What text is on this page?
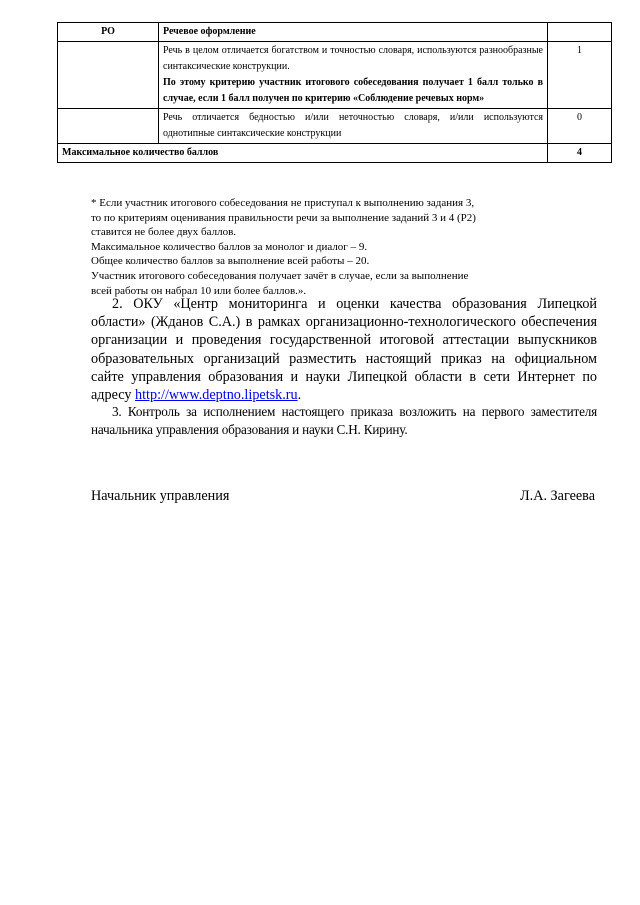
РО	Речевое оформление	

	Речь в целом отличается богатством и точностью словаря, используются разнообразные синтаксические конструкции.

По этому критерию участник итогового собеседования получает 1 балл только в случае, если 1 балл получен по критерию «Соблюдение речевых норм»	1

	Речь отличается бедностью и/или неточностью словаря, и/или используются однотипные синтаксические конструкции	0
Максимальное количество баллов		4
* Если участник итогового собеседования не приступал к выполнению задания 3,
то по критериям оценивания правильности речи за выполнение заданий 3 и 4 (Р2)
ставится не более двух баллов.
Максимальное количество баллов за монолог и диалог – 9.
Общее количество баллов за выполнение всей работы – 20.
Участник итогового собеседования получает зачёт в случае, если за выполнение
всей работы он набрал 10 или более баллов.».
2. ОКУ «Центр мониторинга и оценки качества образования Липецкой области» (Жданов С.А.) в рамках организационно-технологического обеспечения организации и проведения государственной итоговой аттестации выпускников образовательных организаций разместить настоящий приказ на официальном сайте управления образования и науки Липецкой области в сети Интернет по адресу http://www.deptno.lipetsk.ru.
3. Контроль за исполнением настоящего приказа возложить на первого заместителя начальника управления образования и науки С.Н. Кирину.
Начальник управления	Л.А. Загеева
